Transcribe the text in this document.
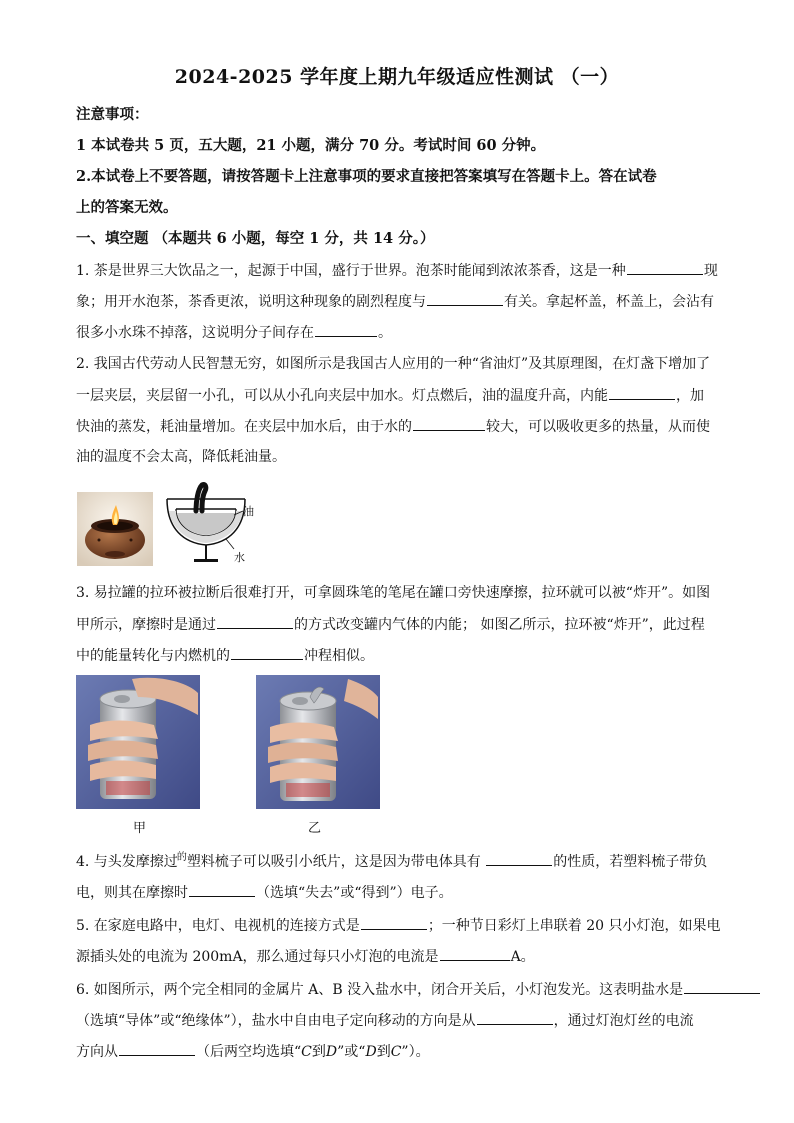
2024-2025 学年度上期九年级适应性测试 （一）
注意事项：
1 本试卷共 5 页，五大题，21 小题，满分 70 分。考试时间 60 分钟。
2.本试卷上不要答题，请按答题卡上注意事项的要求直接把答案填写在答题卡上。答在试卷
上的答案无效。
一、填空题 （本题共 6 小题，每空 1 分，共 14 分。）
1. 茶是世界三大饮品之一，起源于中国，盛行于世界。泡茶时能闻到浓浓茶香，这是一种	现
象；用开水泡茶，茶香更浓，说明这种现象的剧烈程度与	有关。拿起杯盖，杯盖上，会沾有
很多小水珠不掉落，这说明分子间存在	。
2. 我国古代劳动人民智慧无穷，如图所示是我国古人应用的一种“省油灯”及其原理图，在灯盏下增加了
一层夹层，夹层留一小孔，可以从小孔向夹层中加水。灯点燃后，油的温度升高，内能	，加
快油的蒸发，耗油量增加。在夹层中加水后，由于水的	较大，可以吸收更多的热量，从而使
油的温度不会太高，降低耗油量。
油
水
3. 易拉罐的拉环被拉断后很难打开，可拿圆珠笔的笔尾在罐口旁快速摩擦，拉环就可以被“炸开”。如图
甲所示，摩擦时是通过	的方式改变罐内气体的内能； 如图乙所示，拉环被“炸开”，此过程
中的能量转化与内燃机的	冲程相似。
甲	乙
4. 与头发摩擦过$^的$塑料梳子可以吸引小纸片，这是因为带电体具有	的性质，若塑料梳子带负
电，则其在摩擦时	（选填“失去”或“得到”）电子。
5. 在家庭电路中，电灯、电视机的连接方式是	；一种节日彩灯上串联着 20 只小灯泡，如果电
源插头处的电流为 200mA，那么通过每只小灯泡的电流是	A。
6. 如图所示，两个完全相同的金属片 A、B 没入盐水中，闭合开关后，小灯泡发光。这表明盐水是
（选填“导体”或“绝缘体”），盐水中自由电子定向移动的方向是从	，通过灯泡灯丝的电流
方向从	（后两空均选填“C到D”或“D到C”）。
